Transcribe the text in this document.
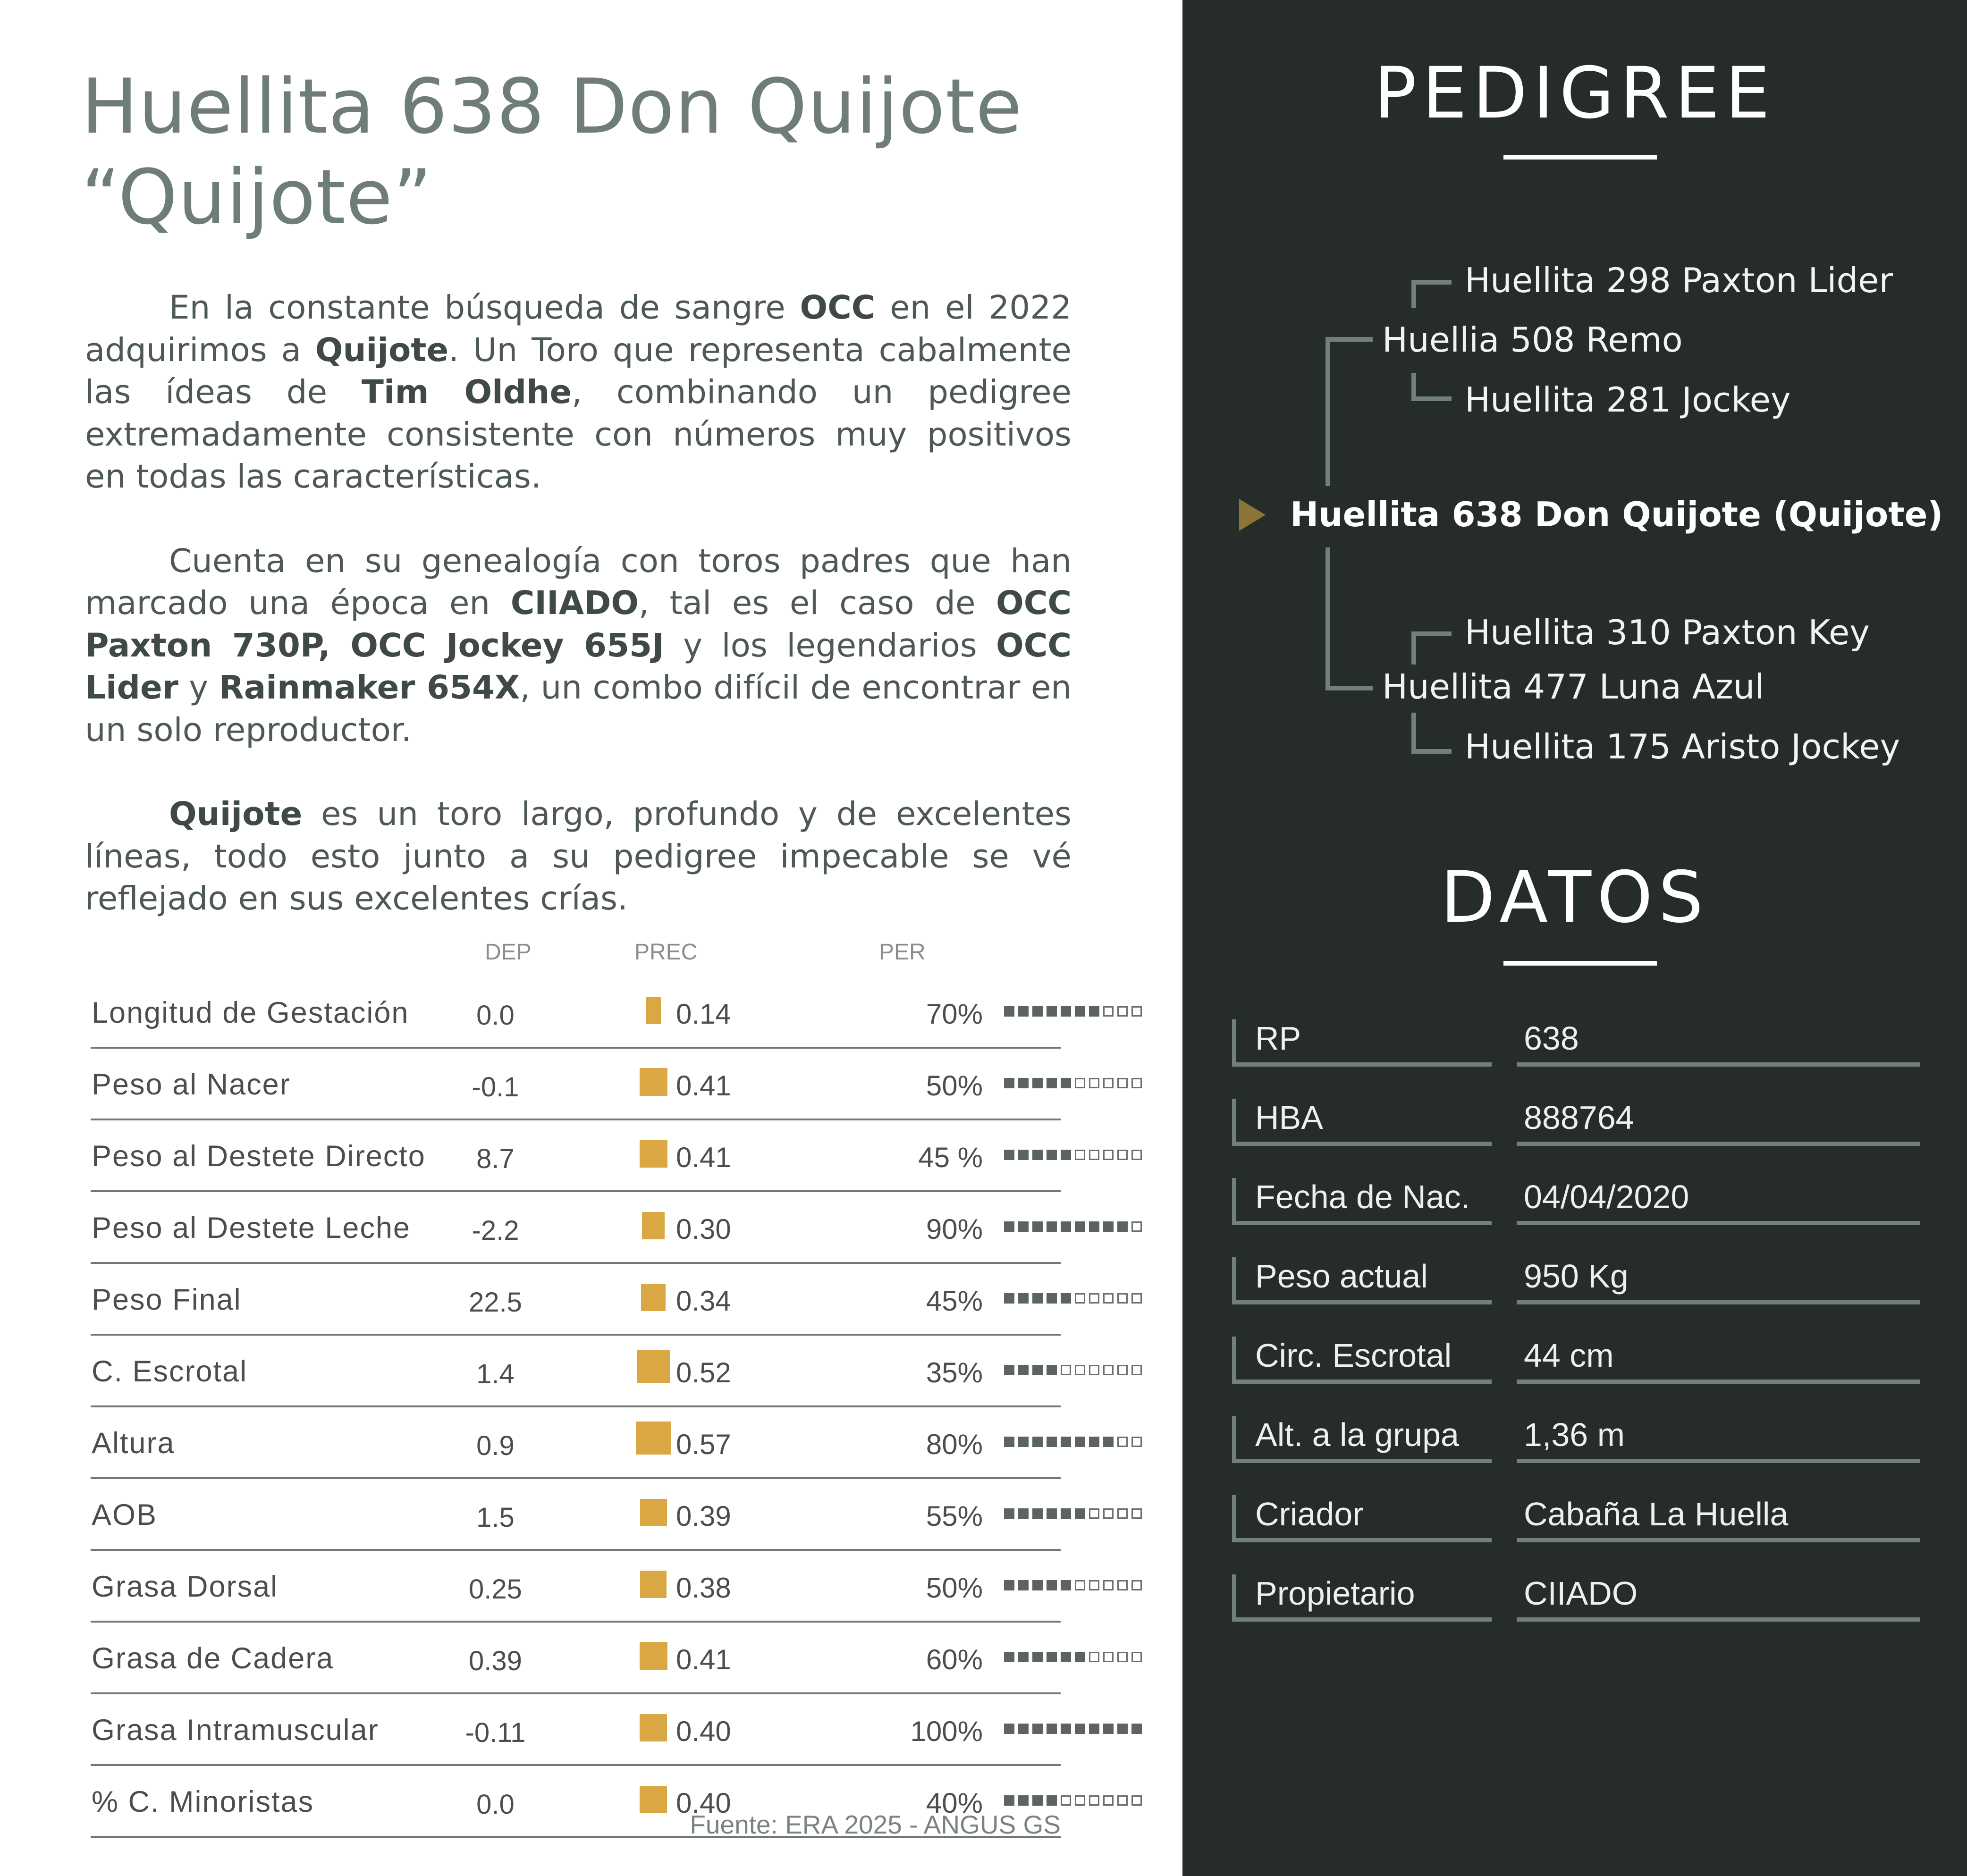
Huellita 638 Don Quijote
“Quijote”

En la constante búsqueda de sangre OCC en el 2022 adquirimos a Quijote. Un Toro que representa cabalmente las ídeas de Tim Oldhe, combinando un pedigree extremadamente consistente con números muy positivos en todas las características.

Cuenta en su genealogía con toros padres que han marcado una época en CIIADO, tal es el caso de OCC Paxton 730P, OCC Jockey 655J y los legendarios OCC Lider y Rainmaker 654X, un combo difícil de encontrar en un solo reproductor.

Quijote es un toro largo, profundo y de excelentes líneas, todo esto junto a su pedigree impecable se vé reflejado en sus excelentes crías.

DEP	PREC	PER
Longitud de Gestación	0.0	0.14	70%
Peso al Nacer	-0.1	0.41	50%
Peso al Destete Directo	8.7	0.41	45 %
Peso al Destete Leche	-2.2	0.30	90%
Peso Final	22.5	0.34	45%
C. Escrotal	1.4	0.52	35%
Altura	0.9	0.57	80%
AOB	1.5	0.39	55%
Grasa Dorsal	0.25	0.38	50%
Grasa de Cadera	0.39	0.41	60%
Grasa Intramuscular	-0.11	0.40	100%
% C. Minoristas	0.0	0.40	40%
Fuente: ERA 2025 - ANGUS GS
PEDIGREE
Huellita 298 Paxton Lider
Huellia 508 Remo
Huellita 281 Jockey
Huellita 638 Don Quijote (Quijote)
Huellita 310 Paxton Key
Huellita 477 Luna Azul
Huellita 175 Aristo Jockey
DATOS
RP	638
HBA	888764
Fecha de Nac. 04/04/2020
Peso actual	950 Kg
Circ. Escrotal 44 cm
Alt. a la grupa 1,36 m
Criador	Cabaña La Huella
Propietario	CIIADO
